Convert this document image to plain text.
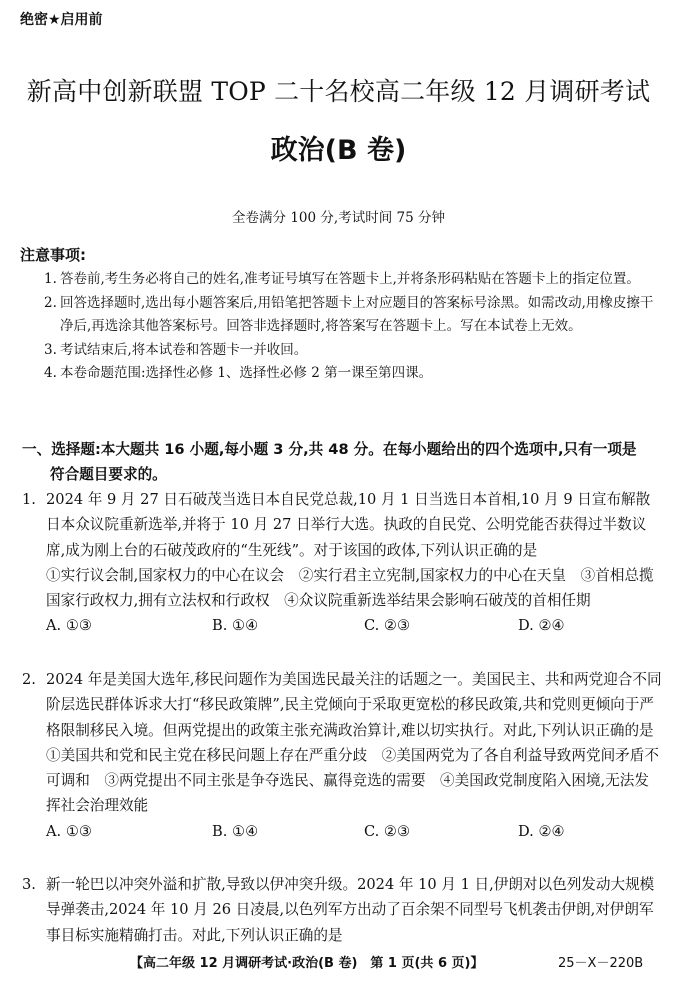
绝密★启用前
新高中创新联盟 TOP 二十名校高二年级 12 月调研考试
政治(B 卷)
全卷满分 100 分,考试时间 75 分钟
注意事项:
1. 答卷前,考生务必将自己的姓名,准考证号填写在答题卡上,并将条形码粘贴在答题卡上的指定位置。
2. 回答选择题时,选出每小题答案后,用铅笔把答题卡上对应题目的答案标号涂黑。如需改动,用橡皮擦干净后,再选涂其他答案标号。回答非选择题时,将答案写在答题卡上。写在本试卷上无效。
3. 考试结束后,将本试卷和答题卡一并收回。
4. 本卷命题范围:选择性必修 1、选择性必修 2 第一课至第四课。
一、选择题:本大题共 16 小题,每小题 3 分,共 48 分。在每小题给出的四个选项中,只有一项是
符合题目要求的。
1. 2024 年 9 月 27 日石破茂当选日本自民党总裁,10 月 1 日当选日本首相,10 月 9 日宣布解散日本众议院重新选举,并将于 10 月 27 日举行大选。执政的自民党、公明党能否获得过半数议席,成为刚上台的石破茂政府的“生死线”。对于该国的政体,下列认识正确的是
①实行议会制,国家权力的中心在议会　②实行君主立宪制,国家权力的中心在天皇　③首相总揽国家行政权力,拥有立法权和行政权　④众议院重新选举结果会影响石破茂的首相任期
A. ①③	B. ①④	C. ②③	D. ②④
2. 2024 年是美国大选年,移民问题作为美国选民最关注的话题之一。美国民主、共和两党迎合不同阶层选民群体诉求大打“移民政策牌”,民主党倾向于采取更宽松的移民政策,共和党则更倾向于严格限制移民入境。但两党提出的政策主张充满政治算计,难以切实执行。对此,下列认识正确的是
①美国共和党和民主党在移民问题上存在严重分歧　②美国两党为了各自利益导致两党间矛盾不可调和　③两党提出不同主张是争夺选民、赢得竞选的需要　④美国政党制度陷入困境,无法发挥社会治理效能
A. ①③	B. ①④	C. ②③	D. ②④
3. 新一轮巴以冲突外溢和扩散,导致以伊冲突升级。2024 年 10 月 1 日,伊朗对以色列发动大规模导弹袭击,2024 年 10 月 26 日凌晨,以色列军方出动了百余架不同型号飞机袭击伊朗,对伊朗军事目标实施精确打击。对此,下列认识正确的是
【高二年级 12 月调研考试·政治(B 卷)　第 1 页(共 6 页)】	25－X－220B
